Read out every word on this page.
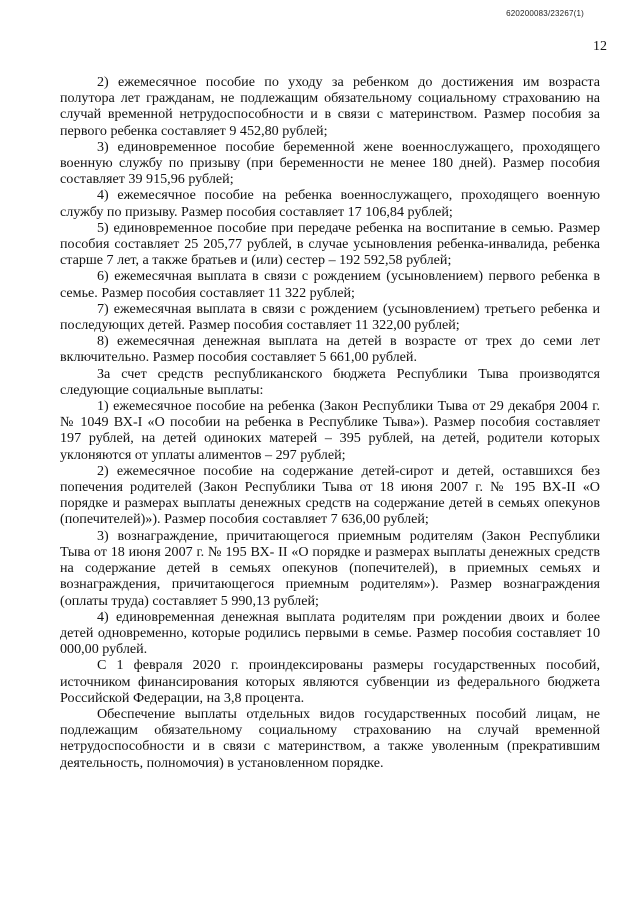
620200083/23267(1)
12

2) ежемесячное пособие по уходу за ребенком до достижения им возраста полутора лет гражданам, не подлежащим обязательному социальному страхованию на случай временной нетрудоспособности и в связи с материнством. Размер пособия за первого ребенка составляет 9 452,80 рублей;

3) единовременное пособие беременной жене военнослужащего, проходящего военную службу по призыву (при беременности не менее 180 дней). Размер пособия составляет 39 915,96 рублей;

4) ежемесячное пособие на ребенка военнослужащего, проходящего военную службу по призыву. Размер пособия составляет 17 106,84 рублей;

5) единовременное пособие при передаче ребенка на воспитание в семью. Размер пособия составляет 25 205,77 рублей, в случае усыновления ребенка-инвалида, ребенка старше 7 лет, а также братьев и (или) сестер – 192 592,58 рублей;

6) ежемесячная выплата в связи с рождением (усыновлением) первого ребенка в семье. Размер пособия составляет 11 322 рублей;

7) ежемесячная выплата в связи с рождением (усыновлением) третьего ребенка и последующих детей. Размер пособия составляет 11 322,00 рублей;

8) ежемесячная денежная выплата на детей в возрасте от трех до семи лет включительно. Размер пособия составляет 5 661,00 рублей.

За счет средств республиканского бюджета Республики Тыва производятся следующие социальные выплаты:

1) ежемесячное пособие на ребенка (Закон Республики Тыва от 29 декабря 2004 г. № 1049 ВХ-I «О пособии на ребенка в Республике Тыва»). Размер пособия составляет 197 рублей, на детей одиноких матерей – 395 рублей, на детей, родители которых уклоняются от уплаты алиментов – 297 рублей;

2) ежемесячное пособие на содержание детей-сирот и детей, оставшихся без попечения родителей (Закон Республики Тыва от 18 июня 2007 г. № 195 ВХ-II «О порядке и размерах выплаты денежных средств на содержание детей в семьях опекунов (попечителей)»). Размер пособия составляет 7 636,00 рублей;

3) вознаграждение, причитающегося приемным родителям (Закон Республики Тыва от 18 июня 2007 г. № 195 ВХ- II «О порядке и размерах выплаты денежных средств на содержание детей в семьях опекунов (попечителей), в приемных семьях и вознаграждения, причитающегося приемным родителям»). Размер вознаграждения (оплаты труда) составляет 5 990,13 рублей;

4) единовременная денежная выплата родителям при рождении двоих и более детей одновременно, которые родились первыми в семье. Размер пособия составляет 10 000,00 рублей.

С 1 февраля 2020 г. проиндексированы размеры государственных пособий, источником финансирования которых являются субвенции из федерального бюджета Российской Федерации, на 3,8 процента.

Обеспечение выплаты отдельных видов государственных пособий лицам, не подлежащим обязательному социальному страхованию на случай временной нетрудоспособности и в связи с материнством, а также уволенным (прекратившим деятельность, полномочия) в установленном порядке.
